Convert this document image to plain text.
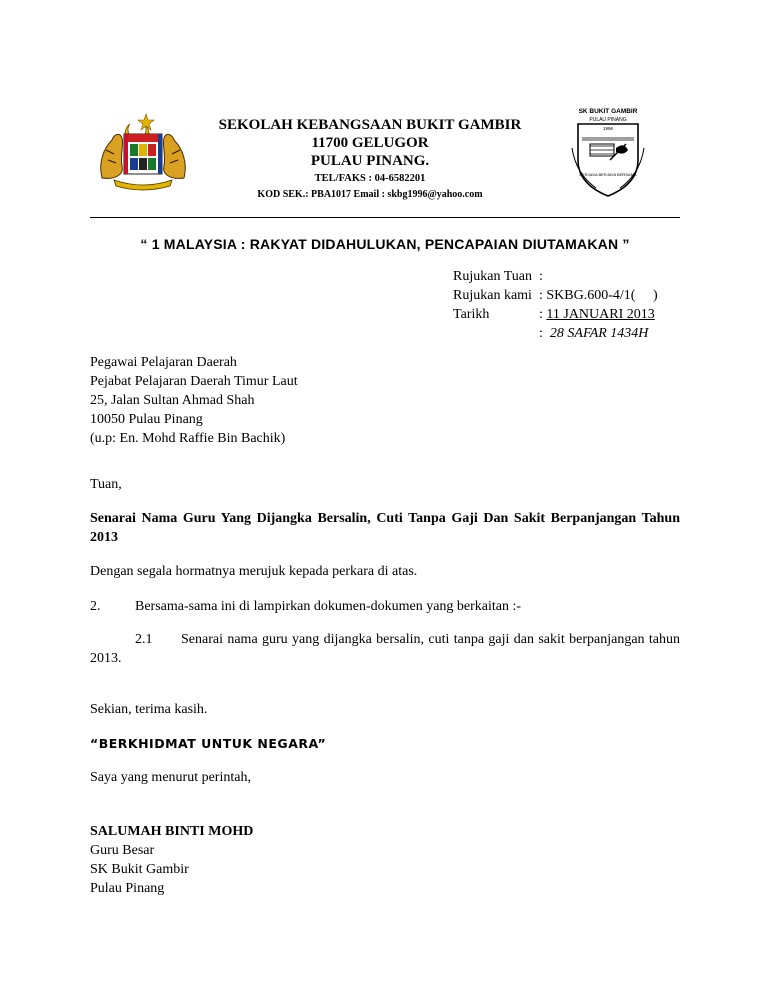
SEKOLAH KEBANGSAAN BUKIT GAMBIR
11700 GELUGOR
PULAU PINANG.
TEL/FAKS : 04-6582201
KOD SEK.: PBA1017 Email : skbg1996@yahoo.com
SK BUKIT GAMBIR
PULAU PINANG
1996
BERJASA BERJAYA BERSAMA
“ 1 MALAYSIA : RAKYAT DIDAHULUKAN, PENCAPAIAN DIUTAMAKAN ”
Rujukan Tuan :
Rujukan kami : SKBG.600-4/1(     )
Tarikh	: 11 JANUARI 2013
: 28 SAFAR 1434H
Pegawai Pelajaran Daerah
Pejabat Pelajaran Daerah Timur Laut
25, Jalan Sultan Ahmad Shah
10050 Pulau Pinang
(u.p: En. Mohd Raffie Bin Bachik)
Tuan,
Senarai Nama Guru Yang Dijangka Bersalin, Cuti Tanpa Gaji Dan Sakit Berpanjangan Tahun 2013
Dengan segala hormatnya merujuk kepada perkara di atas.
2. Bersama-sama ini di lampirkan dokumen-dokumen yang berkaitan :-
2.1 Senarai nama guru yang dijangka bersalin, cuti tanpa gaji dan sakit berpanjangan tahun 2013.
Sekian, terima kasih.
“BERKHIDMAT UNTUK NEGARA”
Saya yang menurut perintah,
SALUMAH BINTI MOHD
Guru Besar
SK Bukit Gambir
Pulau Pinang
